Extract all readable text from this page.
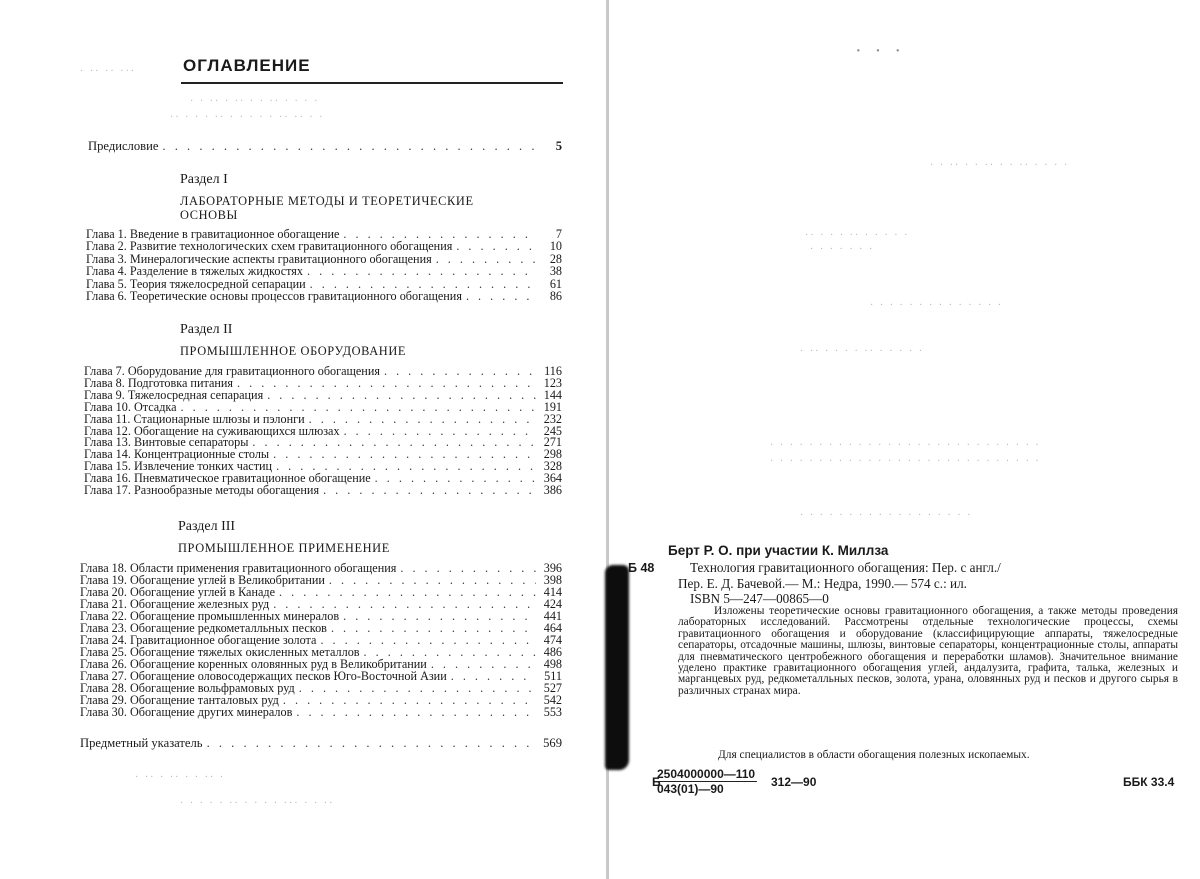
ОГЛАВЛЕНИЕ
· ·· ·· ···
· · ·· · ·· · · ·· · · · ·
·· · · · ·· · · · · · ·· ·· · ·
Предисловие . . .	5
Раздел I
ЛАБОРАТОРНЫЕ МЕТОДЫ И ТЕОРЕТИЧЕСКИЕ
ОСНОВЫ
Глава 1. Введение в гравитационное обогащение . . .	7
Глава 2. Развитие технологических схем гравитационного обогащения . . .	10
Глава 3. Минералогические аспекты гравитационного обогащения . . .	28
Глава 4. Разделение в тяжелых жидкостях . . .	38
Глава 5. Теория тяжелосредной сепарации . . .	61
Глава 6. Теоретические основы процессов гравитационного обогащения . . .	86
Раздел II
ПРОМЫШЛЕННОЕ ОБОРУДОВАНИЕ
Глава 7. Оборудование для гравитационного обогащения . . .	116
Глава 8. Подготовка питания . . .	123
Глава 9. Тяжелосредная сепарация . . .	144
Глава 10. Отсадка . . .	191
Глава 11. Стационарные шлюзы и пэлонги . . .	232
Глава 12. Обогащение на суживающихся шлюзах . . .	245
Глава 13. Винтовые сепараторы . . .	271
Глава 14. Концентрационные столы . . .	298
Глава 15. Извлечение тонких частиц . . .	328
Глава 16. Пневматическое гравитационное обогащение . . .	364
Глава 17. Разнообразные методы обогащения . . .	386
Раздел III
ПРОМЫШЛЕННОЕ ПРИМЕНЕНИЕ
Глава 18. Области применения гравитационного обогащения . . .	396
Глава 19. Обогащение углей в Великобритании . . .	398
Глава 20. Обогащение углей в Канаде . . .	414
Глава 21. Обогащение железных руд . . .	424
Глава 22. Обогащение промышленных минералов . . .	441
Глава 23. Обогащение редкометалльных песков . . .	464
Глава 24. Гравитационное обогащение золота . . .	474
Глава 25. Обогащение тяжелых окисленных металлов . . .	486
Глава 26. Обогащение коренных оловянных руд в Великобритании . . .	498
Глава 27. Обогащение оловосодержащих песков Юго-Восточной Азии . . .	511
Глава 28. Обогащение вольфрамовых руд . . .	527
Глава 29. Обогащение танталовых руд . . .	542
Глава 30. Обогащение других минералов . . .	553
Предметный указатель . . .	569
· ·· · ·· · · ·· ·
· · · · · ·· · · · · ··· · · ··
· · ·
· · ·· · · ·· · · ·· · · · ·
·· · · · ·· · · · · ·
· · · · · · ·
· · · · · · · · · · · · · ·
· ·· · · · · ·· · · · · ·
· · · · · · · · · · · · · · · · · · · · · · · · · · · ·
· · · · · · · · · · · · · · · · · · · · · · · · · · · ·
· · · · · · · · · · · · · · · · · ·
Берт Р. О. при участии К. Миллза
Б 48	Технология гравитационного обогащения: Пер. с англ./
Пер. Е. Д. Бачевой.— М.: Недра, 1990.— 574 с.: ил.
ISBN 5—247—00865—0
Изложены теоретические основы гравитационного обогащения, а также методы проведения лабораторных исследований. Рассмотрены отдельные технологические процессы, схемы гравитационного обогащения и оборудование (классифицирующие аппараты, тяжелосредные сепараторы, отсадочные машины, шлюзы, винтовые сепараторы, концентрационные столы, аппараты для пневматического центробежного обогащения и переработки шламов). Значительное внимание уделено практике гравитационного обогащения углей, андалузита, графита, талька, железных и марганцевых руд, редкометалльных песков, золота, урана, оловянных руд и песков и другого сырья в различных странах мира.
Для специалистов в области обогащения полезных ископаемых.
Б
$\frac{2504000000—110}{043(01)—90}$ 312—90	ББК 33.4
